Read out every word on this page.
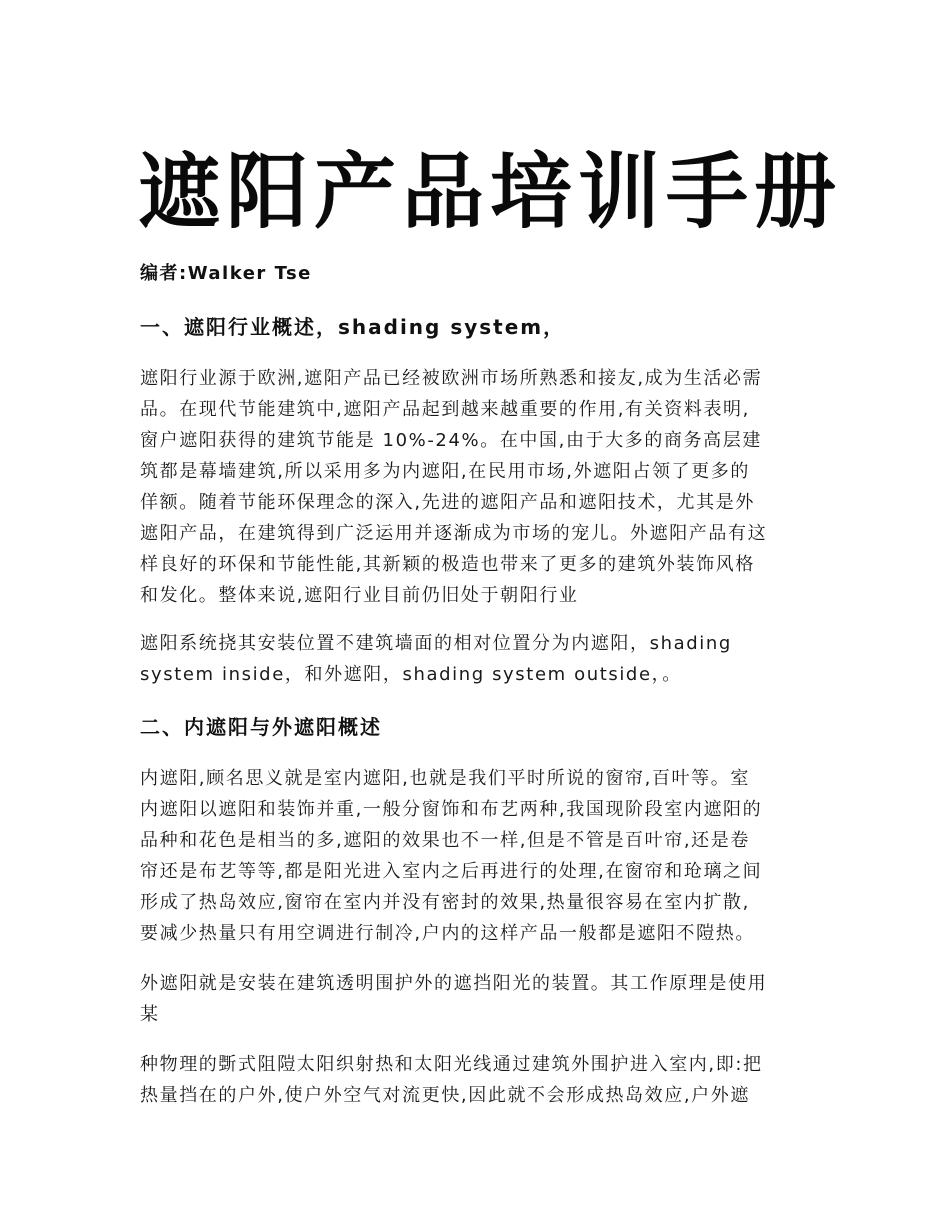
遮阳产品培训手册
编者:Walker Tse
一、遮阳行业概述，shading system，
遮阳行业源于欧洲,遮阳产品已经被欧洲市场所熟悉和接友,成为生活必需
品。在现代节能建筑中,遮阳产品起到越来越重要的作用,有关资料表明,
窗户遮阳获得的建筑节能是 10%-24%。在中国,由于大多的商务高层建
筑都是幕墙建筑,所以采用多为内遮阳,在民用市场,外遮阳占领了更多的
佯额。随着节能环保理念的深入,先进的遮阳产品和遮阳技术，尤其是外
遮阳产品，在建筑得到广泛运用并逐渐成为市场的宠儿。外遮阳产品有这
样良好的环保和节能性能,其新颖的极造也带来了更多的建筑外装饰风格
和发化。整体来说,遮阳行业目前仍旧处于朝阳行业
遮阳系统挠其安装位置不建筑墙面的相对位置分为内遮阳，shading
system inside，和外遮阳，shading system outside，。
二、内遮阳与外遮阳概述
内遮阳,顾名思义就是室内遮阳,也就是我们平时所说的窗帘,百叶等。室
内遮阳以遮阳和装饰并重,一般分窗饰和布艺两种,我国现阶段室内遮阳的
品种和花色是相当的多,遮阳的效果也不一样,但是不管是百叶帘,还是卷
帘还是布艺等等,都是阳光进入室内之后再进行的处理,在窗帘和玱璃之间
形成了热岛效应,窗帘在室内并没有密封的效果,热量很容易在室内扩散,
要减少热量只有用空调进行制冷,户内的这样产品一般都是遮阳不隑热。
外遮阳就是安装在建筑透明围护外的遮挡阳光的装置。其工作原理是使用
某
种物理的斲式阻隑太阳织射热和太阳光线通过建筑外围护进入室内,即:把
热量挡在的户外,使户外空气对流更快,因此就不会形成热岛效应,户外遮
